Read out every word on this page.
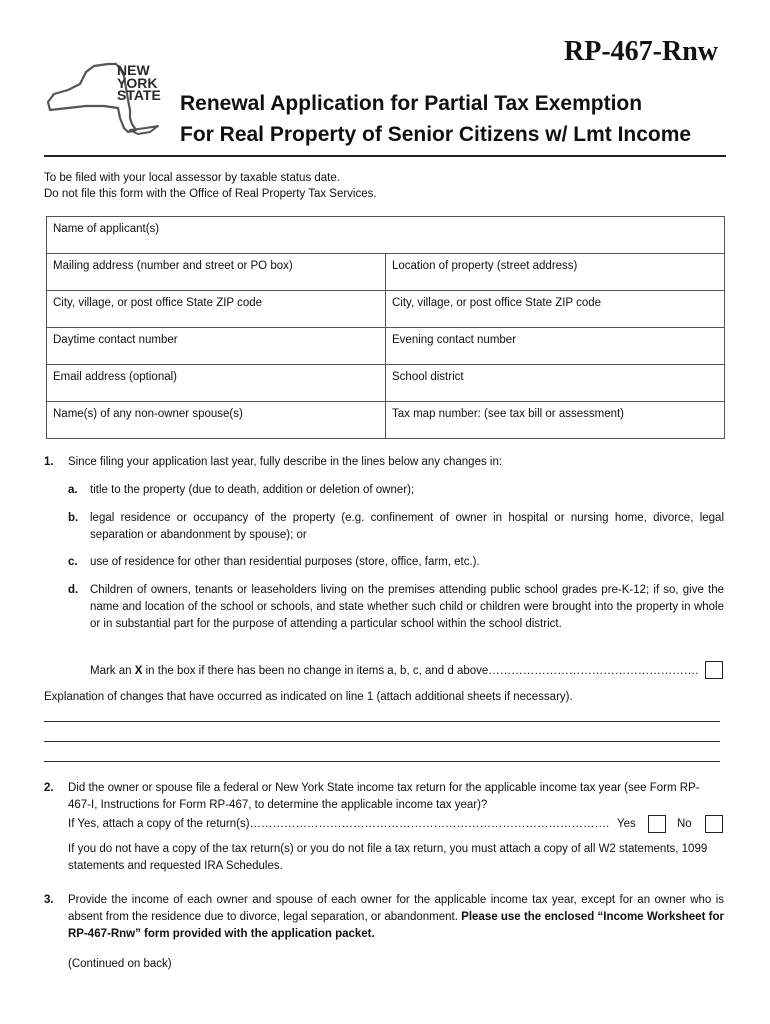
RP-467-Rnw
NEW
YORK
STATE Renewal Application for Partial Tax Exemption
For Real Property of Senior Citizens w/ Lmt Income
To be filed with your local assessor by taxable status date.
Do not file this form with the Office of Real Property Tax Services.
Name of applicant(s)	
Mailing address (number and street or PO box)	Location of property (street address)
City, village, or post office State ZIP code	City, village, or post office State ZIP code
Daytime contact number	Evening contact number
Email address (optional)	School district
Name(s) of any non-owner spouse(s)	Tax map number: (see tax bill or assessment)
1. Since filing your application last year, fully describe in the lines below any changes in:
a. title to the property (due to death, addition or deletion of owner);
b. legal residence or occupancy of the property (e.g. confinement of owner in hospital or nursing home, divorce, legal separation or abandonment by spouse); or
c. use of residence for other than residential purposes (store, office, farm, etc.).
d. Children of owners, tenants or leaseholders living on the premises attending public school grades pre-K-12; if so, give the name and location of the school or schools, and state whether such child or children were brought into the property in whole or in substantial part for the purpose of attending a particular school within the school district.
Mark an X in the box if there has been no change in items a, b, c, and d above……………………………………………….
Explanation of changes that have occurred as indicated on line 1 (attach additional sheets if necessary).
2. Did the owner or spouse file a federal or New York State income tax return for the applicable income tax year (see Form RP-467-I, Instructions for Form RP-467, to determine the applicable income tax year)?
If Yes, attach a copy of the return(s)…………………………………………………………………………………. Yes	No
If you do not have a copy of the tax return(s) or you do not file a tax return, you must attach a copy of all W2 statements, 1099 statements and requested IRA Schedules.
3. Provide the income of each owner and spouse of each owner for the applicable income tax year, except for an owner who is absent from the residence due to divorce, legal separation, or abandonment. Please use the enclosed “Income Worksheet for RP-467-Rnw” form provided with the application packet.
(Continued on back)
